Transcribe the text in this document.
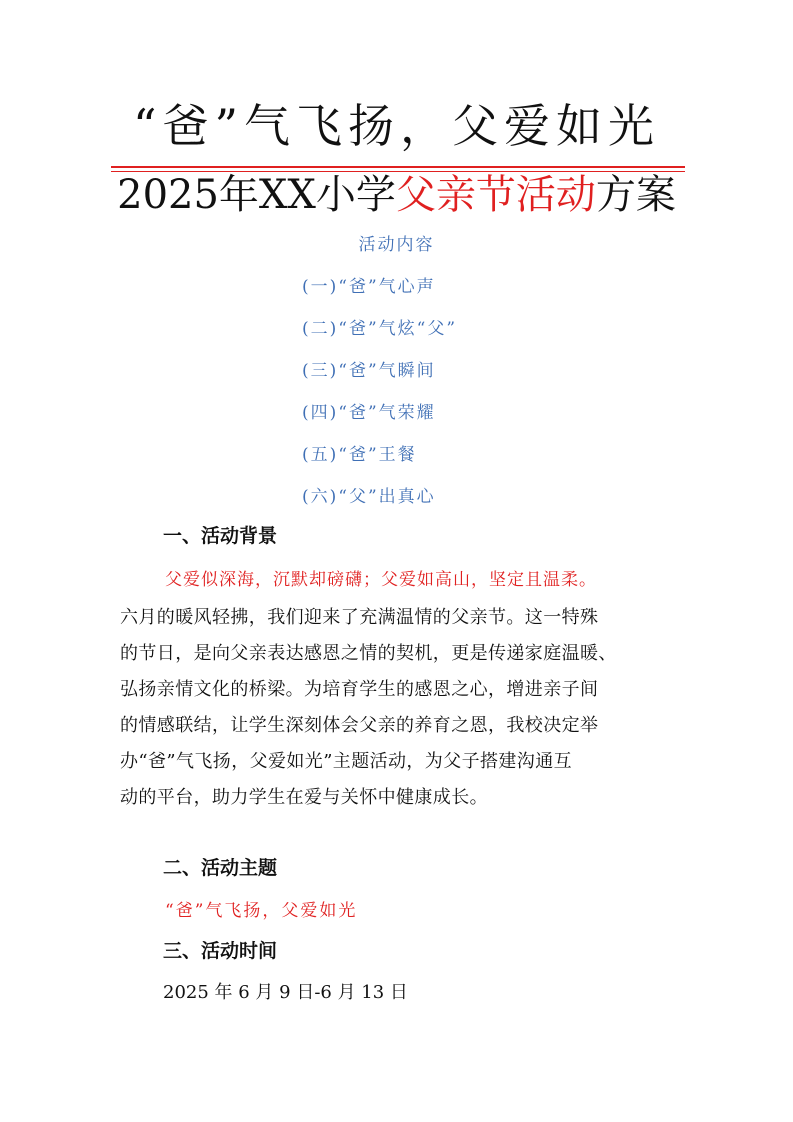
“爸”气飞扬，父爱如光
2025年XX小学父亲节活动方案
活动内容
(一)“爸”气心声
(二)“爸”气炫“父”
(三)“爸”气瞬间
(四)“爸”气荣耀
(五)“爸”王餐
(六)“父”出真心
一、活动背景
父爱似深海，沉默却磅礴；父爱如高山，坚定且温柔。
六月的暖风轻拂，我们迎来了充满温情的父亲节。这一特殊
的节日，是向父亲表达感恩之情的契机，更是传递家庭温暖、
弘扬亲情文化的桥梁。为培育学生的感恩之心，增进亲子间
的情感联结，让学生深刻体会父亲的养育之恩，我校决定举
办“爸”气飞扬，父爱如光”主题活动，为父子搭建沟通互
动的平台，助力学生在爱与关怀中健康成长。
二、活动主题
“爸”气飞扬，父爱如光
三、活动时间
2025 年 6 月 9 日-6 月 13 日
